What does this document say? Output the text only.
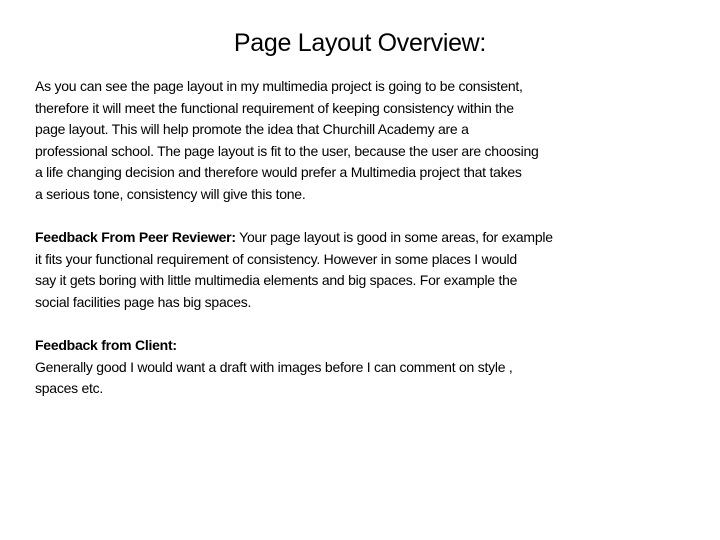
Page Layout Overview:
As you can see the page layout in my multimedia project is going to be consistent,
therefore it will meet the functional requirement of keeping consistency within the
page layout. This will help promote the idea that Churchill Academy are a
professional school. The page layout is fit to the user, because the user are choosing
a life changing decision and therefore would prefer a Multimedia project that takes
a serious tone, consistency will give this tone.
Feedback From Peer Reviewer: Your page layout is good in some areas, for example
it fits your functional requirement of consistency. However in some places I would
say it gets boring with little multimedia elements and big spaces. For example the
social facilities page has big spaces.
Feedback from Client:
Generally good I would want a draft with images before I can comment on style ,
spaces etc.
